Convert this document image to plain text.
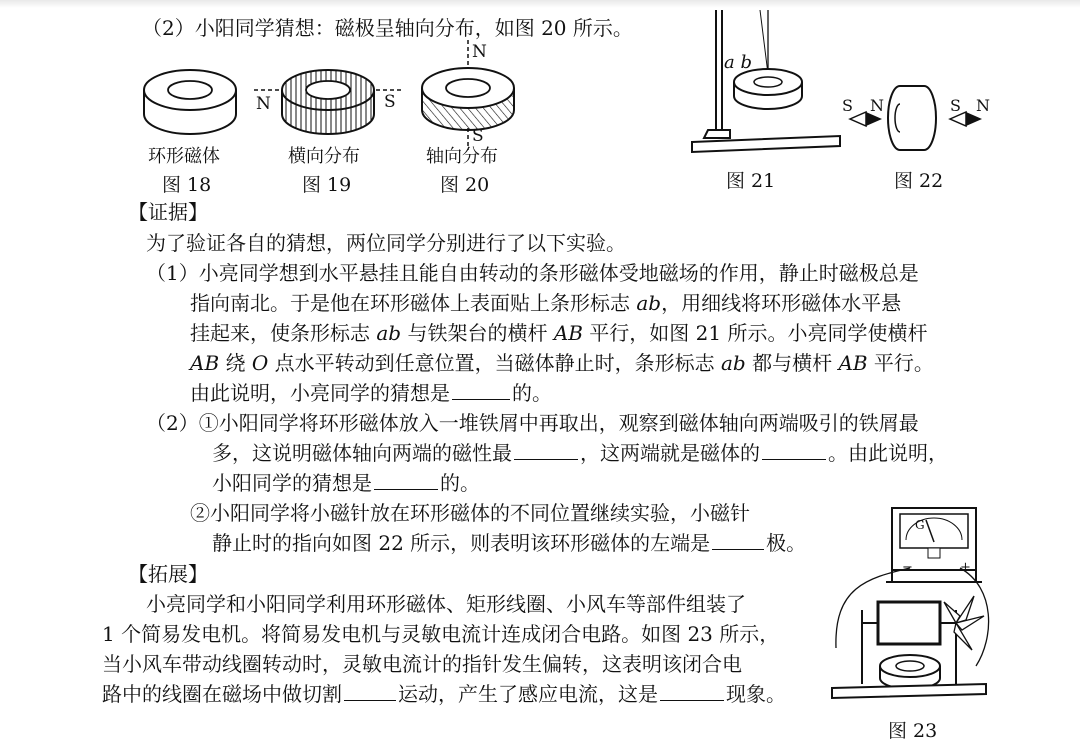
（2）小阳同学猜想：磁极呈轴向分布，如图 20 所示。
N	S
N
S
环形磁体	横向分布	轴向分布
图 18	图 19	图 20
a b
图 21
S N	S N
图 22
【证据】
为了验证各自的猜想，两位同学分别进行了以下实验。
（1）小亮同学想到水平悬挂且能自由转动的条形磁体受地磁场的作用，静止时磁极总是
指向南北。于是他在环形磁体上表面贴上条形标志 ab，用细线将环形磁体水平悬
挂起来，使条形标志 ab 与铁架台的横杆 AB 平行，如图 21 所示。小亮同学使横杆
AB 绕 O 点水平转动到任意位置，当磁体静止时，条形标志 ab 都与横杆 AB 平行。
由此说明，小亮同学的猜想是	的。
（2）①小阳同学将环形磁体放入一堆铁屑中再取出，观察到磁体轴向两端吸引的铁屑最
多，这说明磁体轴向两端的磁性最	，这两端就是磁体的	。由此说明，
小阳同学的猜想是	的。
②小阳同学将小磁针放在环形磁体的不同位置继续实验，小磁针
静止时的指向如图 22 所示，则表明该环形磁体的左端是	极。
【拓展】
小亮同学和小阳同学利用环形磁体、矩形线圈、小风车等部件组装了
1 个简易发电机。将简易发电机与灵敏电流计连成闭合电路。如图 23 所示，
当小风车带动线圈转动时，灵敏电流计的指针发生偏转，这表明该闭合电
路中的线圈在磁场中做切割	运动，产生了感应电流，这是	现象。
G
−	+
图 23
